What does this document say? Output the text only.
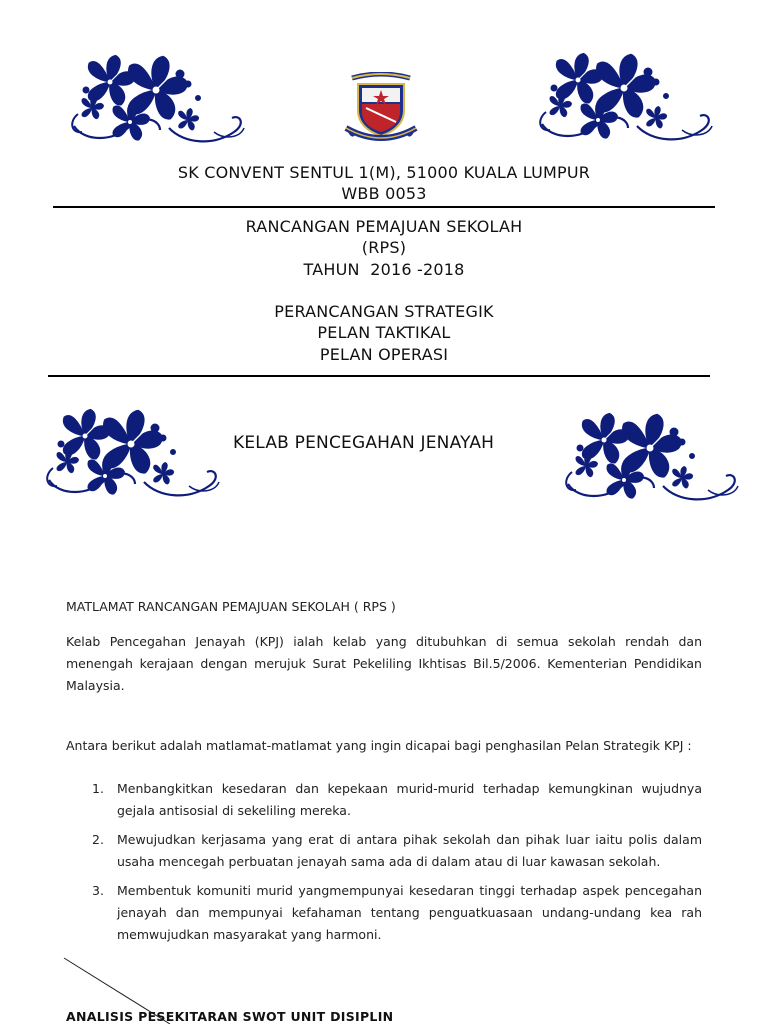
SK CONVENT SENTUL 1(M), 51000 KUALA LUMPUR
WBB 0053
RANCANGAN PEMAJUAN SEKOLAH
(RPS)
TAHUN  2016 -2018
PERANCANGAN STRATEGIK
PELAN TAKTIKAL
PELAN OPERASI
KELAB PENCEGAHAN JENAYAH
MATLAMAT RANCANGAN PEMAJUAN SEKOLAH ( RPS )
Kelab Pencegahan Jenayah (KPJ) ialah kelab yang ditubuhkan di semua sekolah rendah dan menengah kerajaan dengan merujuk Surat Pekeliling Ikhtisas Bil.5/2006. Kementerian Pendidikan Malaysia.
Antara berikut adalah matlamat-matlamat yang ingin dicapai bagi penghasilan Pelan Strategik KPJ :
1. Menbangkitkan kesedaran dan kepekaan murid-murid terhadap kemungkinan wujudnya gejala antisosial di sekeliling mereka.
2. Mewujudkan kerjasama yang erat di antara pihak sekolah dan pihak luar iaitu polis dalam usaha mencegah perbuatan jenayah sama ada di dalam atau di luar kawasan sekolah.
3. Membentuk komuniti murid yangmempunyai kesedaran tinggi terhadap aspek pencegahan jenayah dan mempunyai kefahaman tentang penguatkuasaan undang-undang kea rah memwujudkan masyarakat yang harmoni.
ANALISIS PESEKITARAN SWOT UNIT DISIPLIN
